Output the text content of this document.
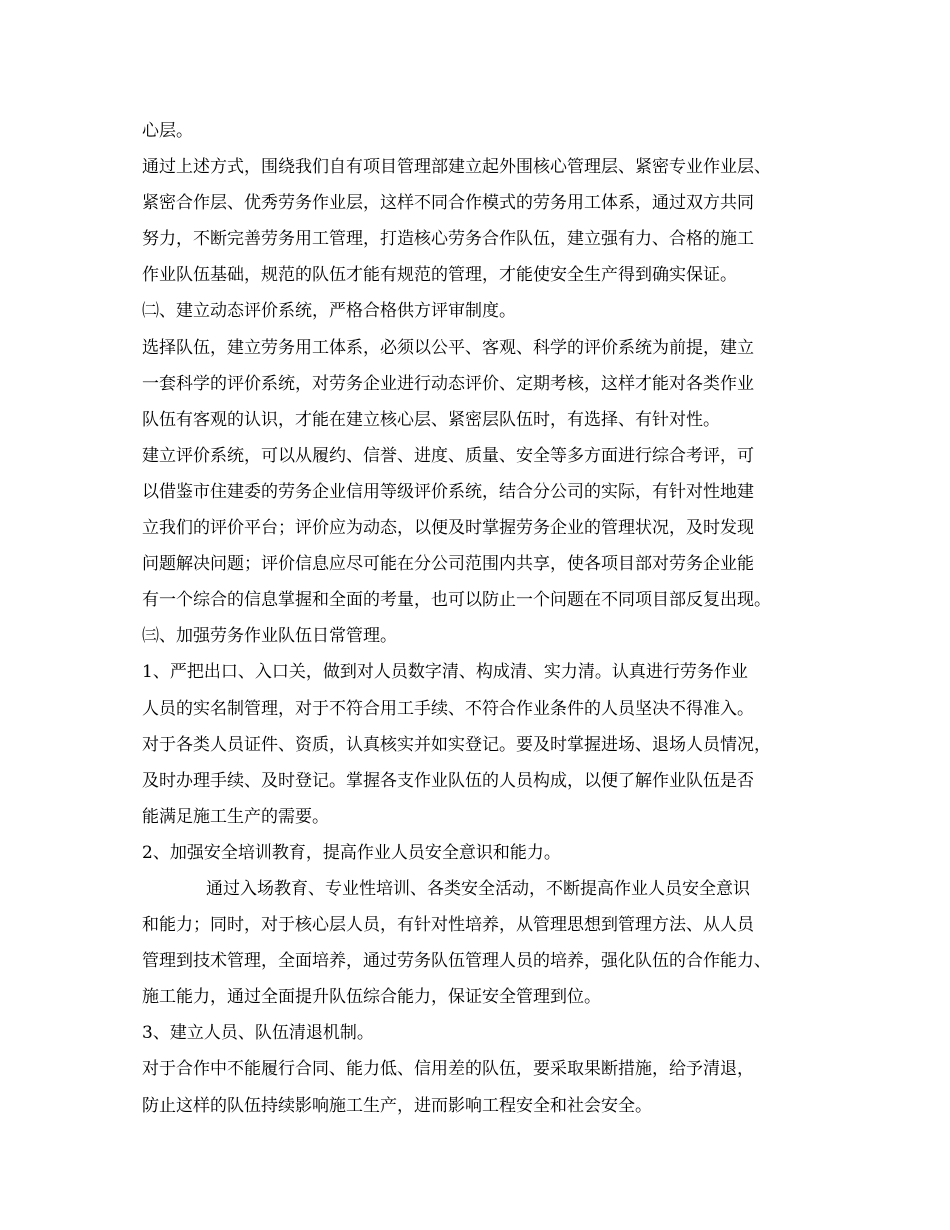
心层。
通过上述方式，围绕我们自有项目管理部建立起外围核心管理层、紧密专业作业层、
紧密合作层、优秀劳务作业层，这样不同合作模式的劳务用工体系，通过双方共同
努力，不断完善劳务用工管理，打造核心劳务合作队伍，建立强有力、合格的施工
作业队伍基础，规范的队伍才能有规范的管理，才能使安全生产得到确实保证。
㈡、建立动态评价系统，严格合格供方评审制度。
选择队伍，建立劳务用工体系，必须以公平、客观、科学的评价系统为前提，建立
一套科学的评价系统，对劳务企业进行动态评价、定期考核，这样才能对各类作业
队伍有客观的认识，才能在建立核心层、紧密层队伍时，有选择、有针对性。
建立评价系统，可以从履约、信誉、进度、质量、安全等多方面进行综合考评，可
以借鉴市住建委的劳务企业信用等级评价系统，结合分公司的实际，有针对性地建
立我们的评价平台；评价应为动态，以便及时掌握劳务企业的管理状况，及时发现
问题解决问题；评价信息应尽可能在分公司范围内共享，使各项目部对劳务企业能
有一个综合的信息掌握和全面的考量，也可以防止一个问题在不同项目部反复出现。
㈢、加强劳务作业队伍日常管理。
1、严把出口、入口关，做到对人员数字清、构成清、实力清。认真进行劳务作业
人员的实名制管理，对于不符合用工手续、不符合作业条件的人员坚决不得准入。
对于各类人员证件、资质，认真核实并如实登记。要及时掌握进场、退场人员情况，
及时办理手续、及时登记。掌握各支作业队伍的人员构成，以便了解作业队伍是否
能满足施工生产的需要。
2、加强安全培训教育，提高作业人员安全意识和能力。
通过入场教育、专业性培训、各类安全活动，不断提高作业人员安全意识
和能力；同时，对于核心层人员，有针对性培养，从管理思想到管理方法、从人员
管理到技术管理，全面培养，通过劳务队伍管理人员的培养，强化队伍的合作能力、
施工能力，通过全面提升队伍综合能力，保证安全管理到位。
3、建立人员、队伍清退机制。
对于合作中不能履行合同、能力低、信用差的队伍，要采取果断措施，给予清退，
防止这样的队伍持续影响施工生产，进而影响工程安全和社会安全。
